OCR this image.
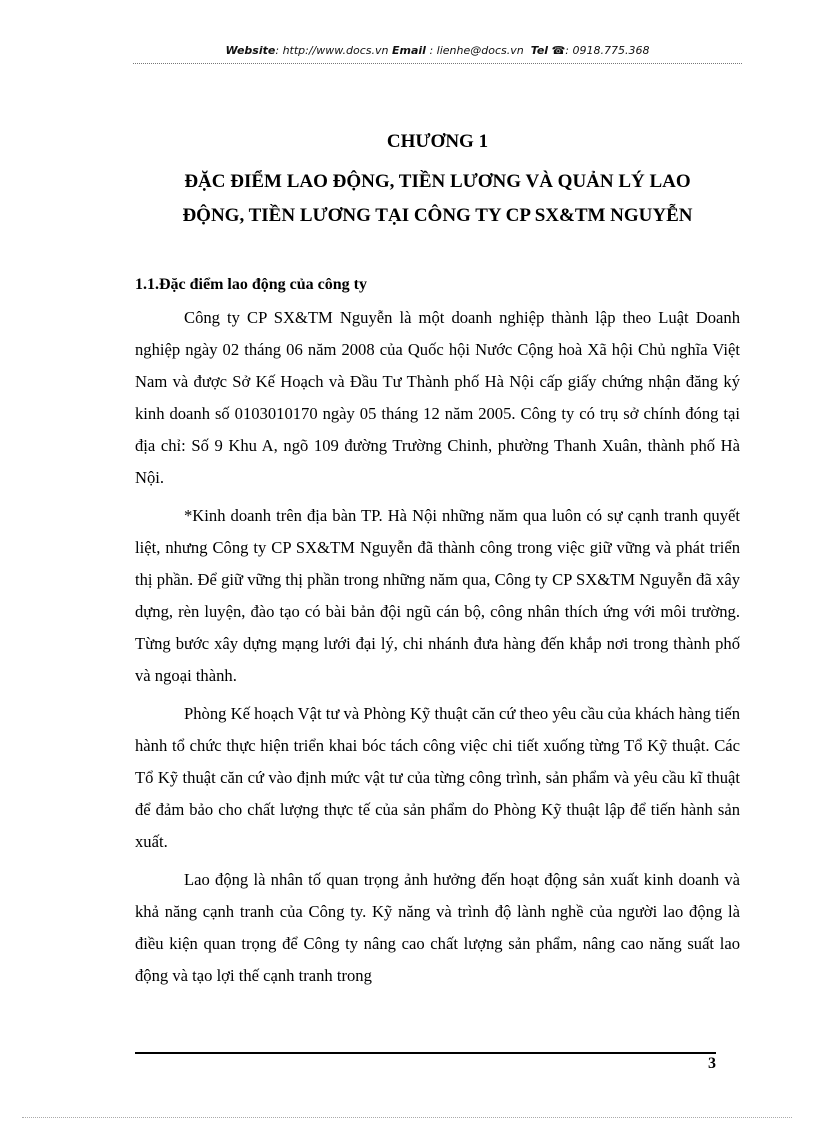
Website: http://www.docs.vn Email : lienhe@docs.vn Tel ☎: 0918.775.368
CHƯƠNG 1
ĐẶC ĐIỂM LAO ĐỘNG, TIỀN LƯƠNG VÀ QUẢN LÝ LAO
ĐỘNG, TIỀN LƯƠNG TẠI CÔNG TY CP SX&TM NGUYỄN
1.1.Đặc điểm lao động của công ty

Công ty CP SX&TM Nguyễn là một doanh nghiệp thành lập theo Luật Doanh nghiệp ngày 02 tháng 06 năm 2008 của Quốc hội Nước Cộng hoà Xã hội Chủ nghĩa Việt Nam và được Sở Kế Hoạch và Đầu Tư Thành phố Hà Nội cấp giấy chứng nhận đăng ký kinh doanh số 0103010170 ngày 05 tháng 12 năm 2005. Công ty có trụ sở chính đóng tại địa chỉ: Số 9 Khu A, ngõ 109 đường Trường Chinh, phường Thanh Xuân, thành phố Hà Nội.

*Kinh doanh trên địa bàn TP. Hà Nội những năm qua luôn có sự cạnh tranh quyết liệt, nhưng Công ty CP SX&TM Nguyễn đã thành công trong việc giữ vững và phát triển thị phần. Để giữ vững thị phần trong những năm qua, Công ty CP SX&TM Nguyễn đã xây dựng, rèn luyện, đào tạo có bài bản đội ngũ cán bộ, công nhân thích ứng với môi trường. Từng bước xây dựng mạng lưới đại lý, chi nhánh đưa hàng đến khắp nơi trong thành phố và ngoại thành.

Phòng Kế hoạch Vật tư và Phòng Kỹ thuật căn cứ theo yêu cầu của khách hàng tiến hành tổ chức thực hiện triển khai bóc tách công việc chi tiết xuống từng Tổ Kỹ thuật. Các Tổ Kỹ thuật căn cứ vào định mức vật tư của từng công trình, sản phẩm và yêu cầu kĩ thuật để đảm bảo cho chất lượng thực tế của sản phẩm do Phòng Kỹ thuật lập để tiến hành sản xuất.

Lao động là nhân tố quan trọng ảnh hưởng đến hoạt động sản xuất kinh doanh và khả năng cạnh tranh của Công ty. Kỹ năng và trình độ lành nghề của người lao động là điều kiện quan trọng để Công ty nâng cao chất lượng sản phẩm, nâng cao năng suất lao động và tạo lợi thế cạnh tranh trong

3
